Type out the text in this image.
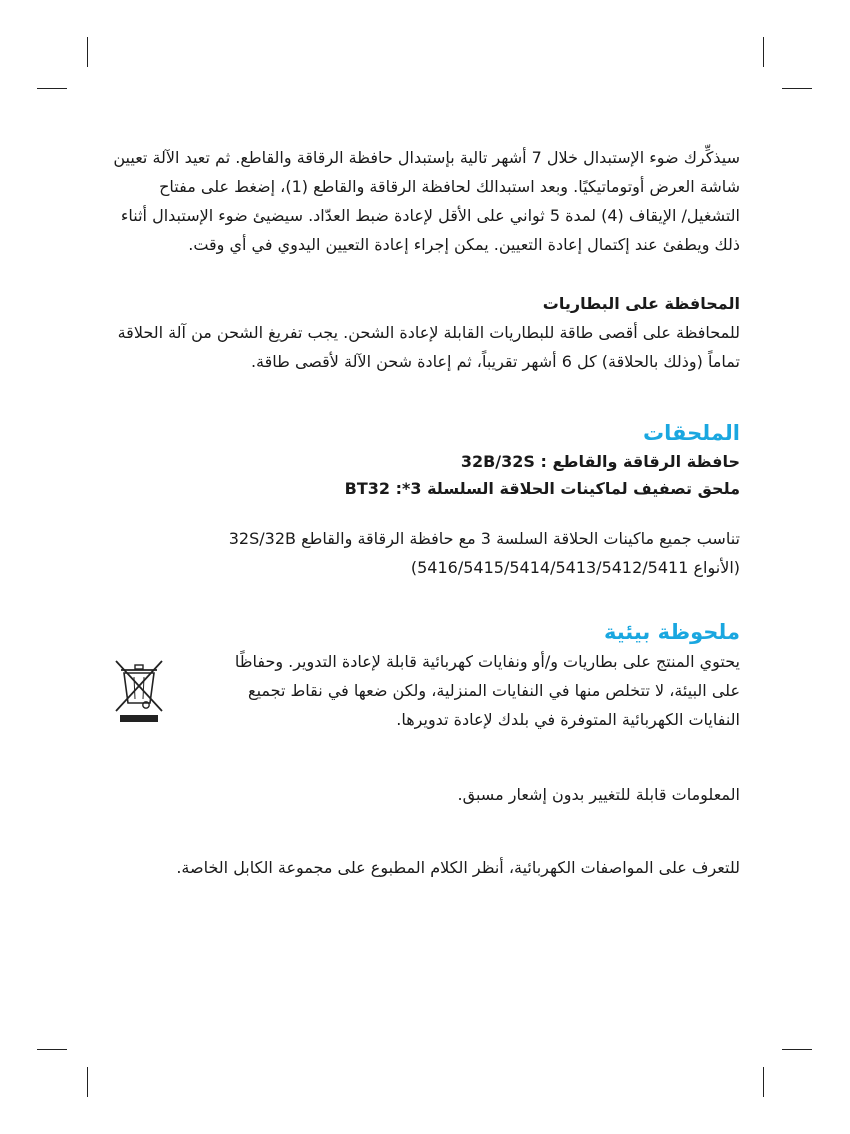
سيذكِّرك ضوء الإستبدال خلال 7 أشهر تالية بإستبدال حافظة الرقاقة والقاطع. ثم تعيد الآلة تعيين شاشة العرض أوتوماتيكيًا. وبعد استبدالك لحافظة الرقاقة والقاطع (1)، إضغط على مفتاح التشغيل/ الإيقاف (4) لمدة 5 ثواني على الأقل لإعادة ضبط العدّاد. سيضيئ ضوء الإستبدال أثناء ذلك ويطفئ عند إكتمال إعادة التعيين. يمكن إجراء إعادة التعيين اليدوي في أي وقت.

المحافظة على البطاريات

للمحافظة على أقصى طاقة للبطاريات القابلة لإعادة الشحن. يجب تفريغ الشحن من آلة الحلاقة تماماً (وذلك بالحلاقة) كل 6 أشهر تقريباً، ثم إعادة شحن الآلة لأقصى طاقة.

الملحقات

حافظة الرقاقة والقاطع : 32B/32S

ملحق تصفيف لماكينات الحلاقة السلسلة 3*: BT32

تناسب جميع ماكينات الحلاقة السلسة 3 مع حافظة الرقاقة والقاطع 32S/32B

(الأنواع 5416/5415/5414/5413/5412/5411)

ملحوظة بيئية

يحتوي المنتج على بطاريات و/أو ونفايات كهربائية قابلة لإعادة التدوير. وحفاظًا على البيئة، لا تتخلص منها في النفايات المنزلية، ولكن ضعها في نقاط تجميع النفايات الكهربائية المتوفرة في بلدك لإعادة تدويرها.

المعلومات قابلة للتغيير بدون إشعار مسبق.

للتعرف على المواصفات الكهربائية، أنظر الكلام المطبوع على مجموعة الكابل الخاصة.
